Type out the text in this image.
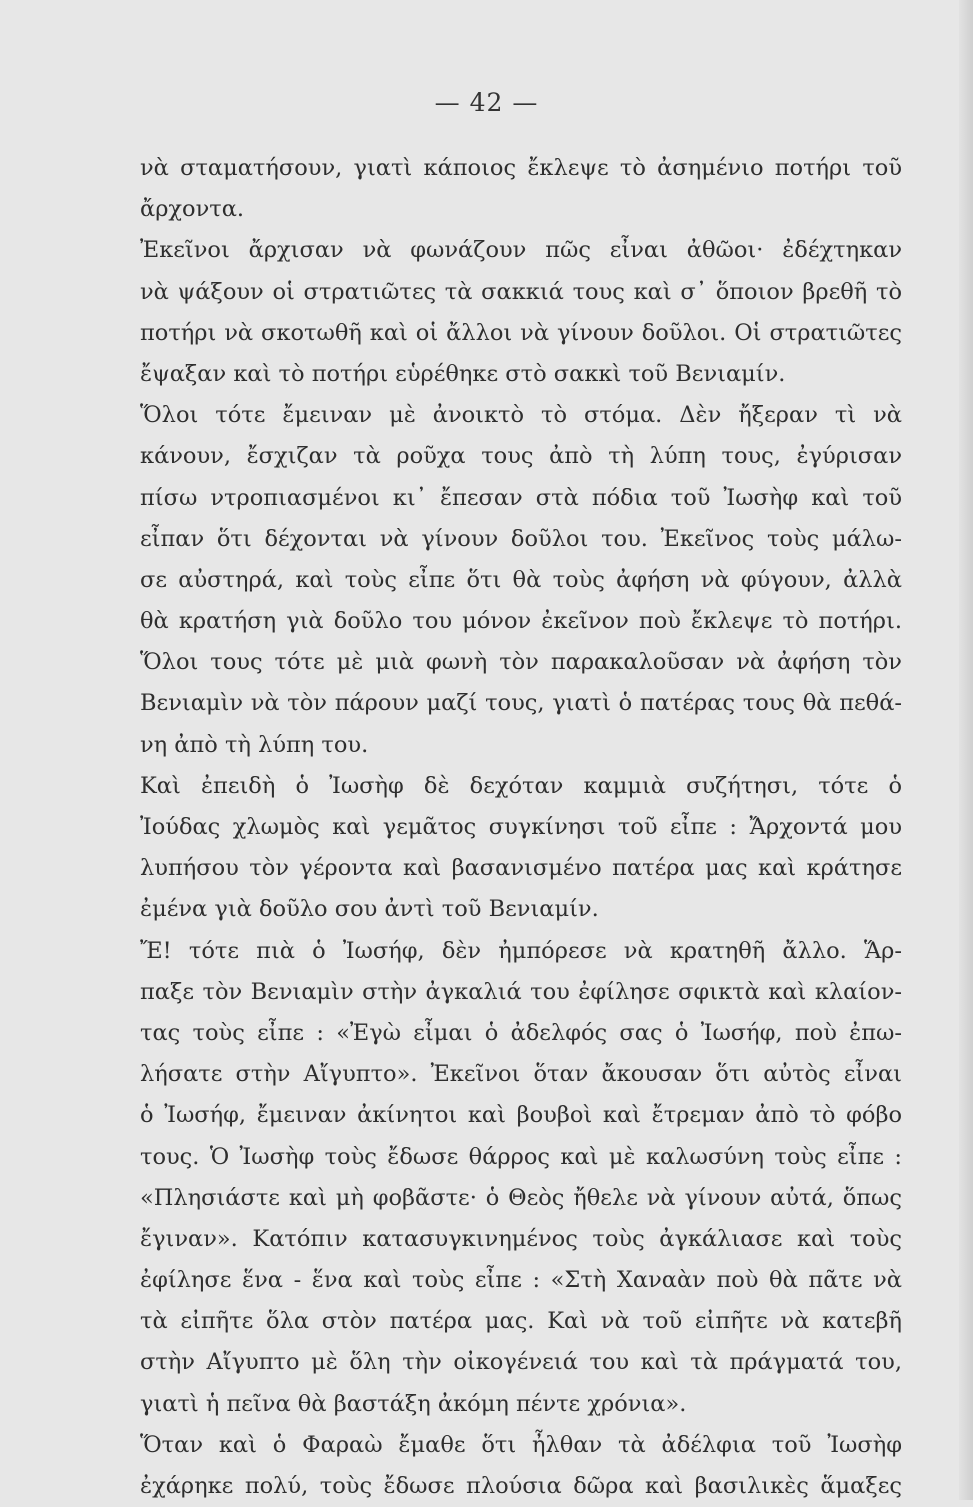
— 42 —
νὰ σταματήσουν, γιατὶ κάποιος ἔκλεψε τὸ ἀσημένιο ποτήρι τοῦ
ἄρχοντα.
Ἐκεῖνοι ἄρχισαν νὰ φωνάζουν πῶς εἶναι ἀθῶοι· ἐδέχτηκαν
νὰ ψάξουν οἱ στρατιῶτες τὰ σακκιά τους καὶ σ᾽ ὅποιον βρεθῆ τὸ
ποτήρι νὰ σκοτωθῆ καὶ οἱ ἄλλοι νὰ γίνουν δοῦλοι. Οἱ στρατιῶτες
ἔψαξαν καὶ τὸ ποτήρι εὑρέθηκε στὸ σακκὶ τοῦ Βενιαμίν.
Ὅλοι τότε ἔμειναν μὲ ἀνοικτὸ τὸ στόμα. Δὲν ἤξεραν τὶ νὰ
κάνουν, ἔσχιζαν τὰ ροῦχα τους ἀπὸ τὴ λύπη τους, ἐγύρισαν
πίσω ντροπιασμένοι κι᾽ ἔπεσαν στὰ πόδια τοῦ Ἰωσὴφ καὶ τοῦ
εἶπαν ὅτι δέχονται νὰ γίνουν δοῦλοι του. Ἐκεῖνος τοὺς μάλω-
σε αὐστηρά, καὶ τοὺς εἶπε ὅτι θὰ τοὺς ἀφήση νὰ φύγουν, ἀλλὰ
θὰ κρατήση γιὰ δοῦλο του μόνον ἐκεῖνον ποὺ ἔκλεψε τὸ ποτήρι.
Ὅλοι τους τότε μὲ μιὰ φωνὴ τὸν παρακαλοῦσαν νὰ ἀφήση τὸν
Βενιαμὶν νὰ τὸν πάρουν μαζί τους, γιατὶ ὁ πατέρας τους θὰ πεθά-
νη ἀπὸ τὴ λύπη του.
Καὶ ἐπειδὴ ὁ Ἰωσὴφ δὲ δεχόταν καμμιὰ συζήτησι, τότε ὁ
Ἰούδας χλωμὸς καὶ γεμᾶτος συγκίνησι τοῦ εἶπε : Ἄρχοντά μου
λυπήσου τὸν γέροντα καὶ βασανισμένο πατέρα μας καὶ κράτησε
ἐμένα γιὰ δοῦλο σου ἀντὶ τοῦ Βενιαμίν.
Ἔ! τότε πιὰ ὁ Ἰωσήφ, δὲν ἠμπόρεσε νὰ κρατηθῆ ἄλλο. Ἅρ-
παξε τὸν Βενιαμὶν στὴν ἀγκαλιά του ἐφίλησε σφικτὰ καὶ κλαίον-
τας τοὺς εἶπε : «Ἐγὼ εἶμαι ὁ ἀδελφός σας ὁ Ἰωσήφ, ποὺ ἐπω-
λήσατε στὴν Αἴγυπτο». Ἐκεῖνοι ὅταν ἄκουσαν ὅτι αὐτὸς εἶναι
ὁ Ἰωσήφ, ἔμειναν ἀκίνητοι καὶ βουβοὶ καὶ ἔτρεμαν ἀπὸ τὸ φόβο
τους. Ὁ Ἰωσὴφ τοὺς ἔδωσε θάρρος καὶ μὲ καλωσύνη τοὺς εἶπε :
«Πλησιάστε καὶ μὴ φοβᾶστε· ὁ Θεὸς ἤθελε νὰ γίνουν αὐτά, ὅπως
ἔγιναν». Κατόπιν κατασυγκινημένος τοὺς ἀγκάλιασε καὶ τοὺς
ἐφίλησε ἕνα - ἕνα καὶ τοὺς εἶπε : «Στὴ Χαναὰν ποὺ θὰ πᾶτε νὰ
τὰ εἰπῆτε ὅλα στὸν πατέρα μας. Καὶ νὰ τοῦ εἰπῆτε νὰ κατεβῆ
στὴν Αἴγυπτο μὲ ὅλη τὴν οἰκογένειά του καὶ τὰ πράγματά του,
γιατὶ ἡ πεῖνα θὰ βαστάξη ἀκόμη πέντε χρόνια».
Ὅταν καὶ ὁ Φαραὼ ἔμαθε ὅτι ἦλθαν τὰ ἀδέλφια τοῦ Ἰωσὴφ
ἐχάρηκε πολύ, τοὺς ἔδωσε πλούσια δῶρα καὶ βασιλικὲς ἅμαξες
